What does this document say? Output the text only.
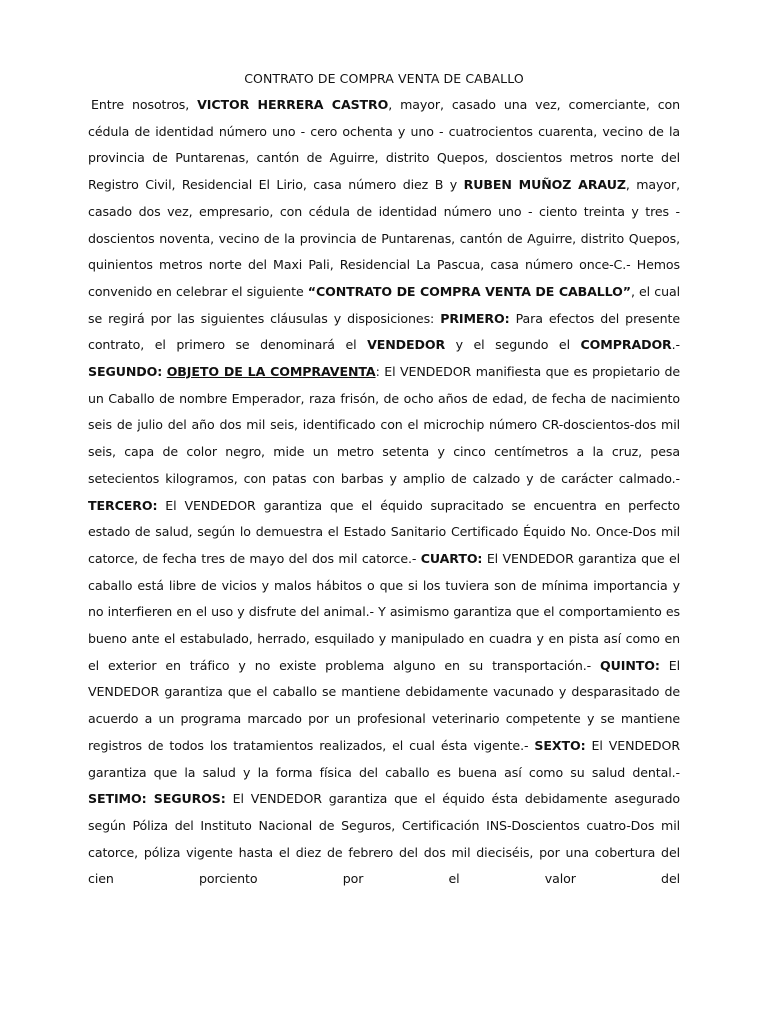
CONTRATO DE COMPRA VENTA DE CABALLO

Entre nosotros, VICTOR HERRERA CASTRO, mayor, casado una vez, comerciante, con cédula de identidad número uno - cero ochenta y uno - cuatrocientos cuarenta, vecino de la provincia de Puntarenas, cantón de Aguirre, distrito Quepos, doscientos metros norte del Registro Civil, Residencial El Lirio, casa número diez B y RUBEN MUÑOZ ARAUZ, mayor, casado dos vez, empresario, con cédula de identidad número uno - ciento treinta y tres - doscientos noventa, vecino de la provincia de Puntarenas, cantón de Aguirre, distrito Quepos, quinientos metros norte del Maxi Pali, Residencial La Pascua, casa número once-C.- Hemos convenido en celebrar el siguiente “CONTRATO DE COMPRA VENTA DE CABALLO”, el cual se regirá por las siguientes cláusulas y disposiciones: PRIMERO: Para efectos del presente contrato, el primero se denominará el VENDEDOR y el segundo el COMPRADOR.- SEGUNDO: OBJETO DE LA COMPRAVENTA: El VENDEDOR manifiesta que es propietario de un Caballo de nombre Emperador, raza frisón, de ocho años de edad, de fecha de nacimiento seis de julio del año dos mil seis, identificado con el microchip número CR-doscientos-dos mil seis, capa de color negro, mide un metro setenta y cinco centímetros a la cruz, pesa setecientos kilogramos, con patas con barbas y amplio de calzado y de carácter calmado.- TERCERO: El VENDEDOR garantiza que el équido supracitado se encuentra en perfecto estado de salud, según lo demuestra el Estado Sanitario Certificado Équido No. Once-Dos mil catorce, de fecha tres de mayo del dos mil catorce.- CUARTO: El VENDEDOR garantiza que el caballo está libre de vicios y malos hábitos o que si los tuviera son de mínima importancia y no interfieren en el uso y disfrute del animal.- Y asimismo garantiza que el comportamiento es bueno ante el estabulado, herrado, esquilado y manipulado en cuadra y en pista así como en el exterior en tráfico y no existe problema alguno en su transportación.- QUINTO: El VENDEDOR garantiza que el caballo se mantiene debidamente vacunado y desparasitado de acuerdo a un programa marcado por un profesional veterinario competente y se mantiene registros de todos los tratamientos realizados, el cual ésta vigente.- SEXTO: El VENDEDOR garantiza que la salud y la forma física del caballo es buena así como su salud dental.- SETIMO: SEGUROS: El VENDEDOR garantiza que el équido ésta debidamente asegurado según Póliza del Instituto Nacional de Seguros, Certificación INS-Doscientos cuatro-Dos mil catorce, póliza vigente hasta el diez de febrero del dos mil dieciséis, por una cobertura del cien porciento por el valor del
